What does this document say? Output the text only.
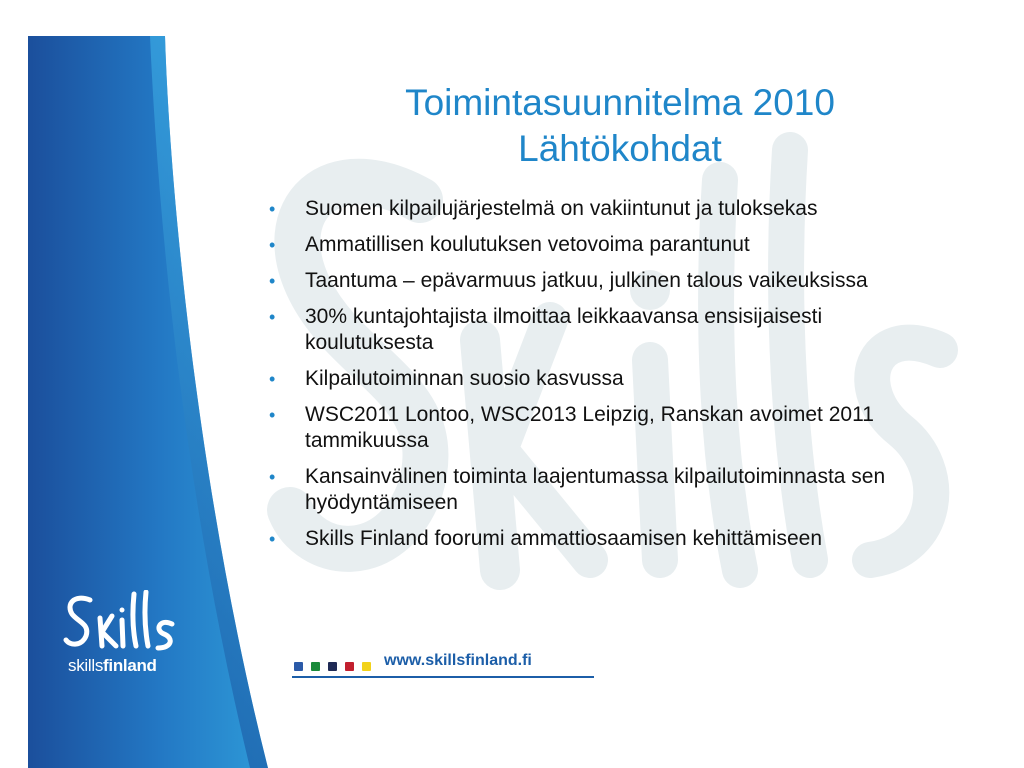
Toimintasuunnitelma 2010
Lähtökohdat
• Suomen kilpailujärjestelmä on vakiintunut ja tuloksekas
• Ammatillisen koulutuksen vetovoima parantunut
• Taantuma – epävarmuus jatkuu, julkinen talous vaikeuksissa
• 30% kuntajohtajista ilmoittaa leikkaavansa ensisijaisesti koulutuksesta
• Kilpailutoiminnan suosio kasvussa
• WSC2011 Lontoo, WSC2013 Leipzig, Ranskan avoimet 2011 tammikuussa
• Kansainvälinen toiminta laajentumassa kilpailutoiminnasta sen hyödyntämiseen
• Skills Finland foorumi ammattiosaamisen kehittämiseen
skillsfinland	www.skillsfinland.fi
